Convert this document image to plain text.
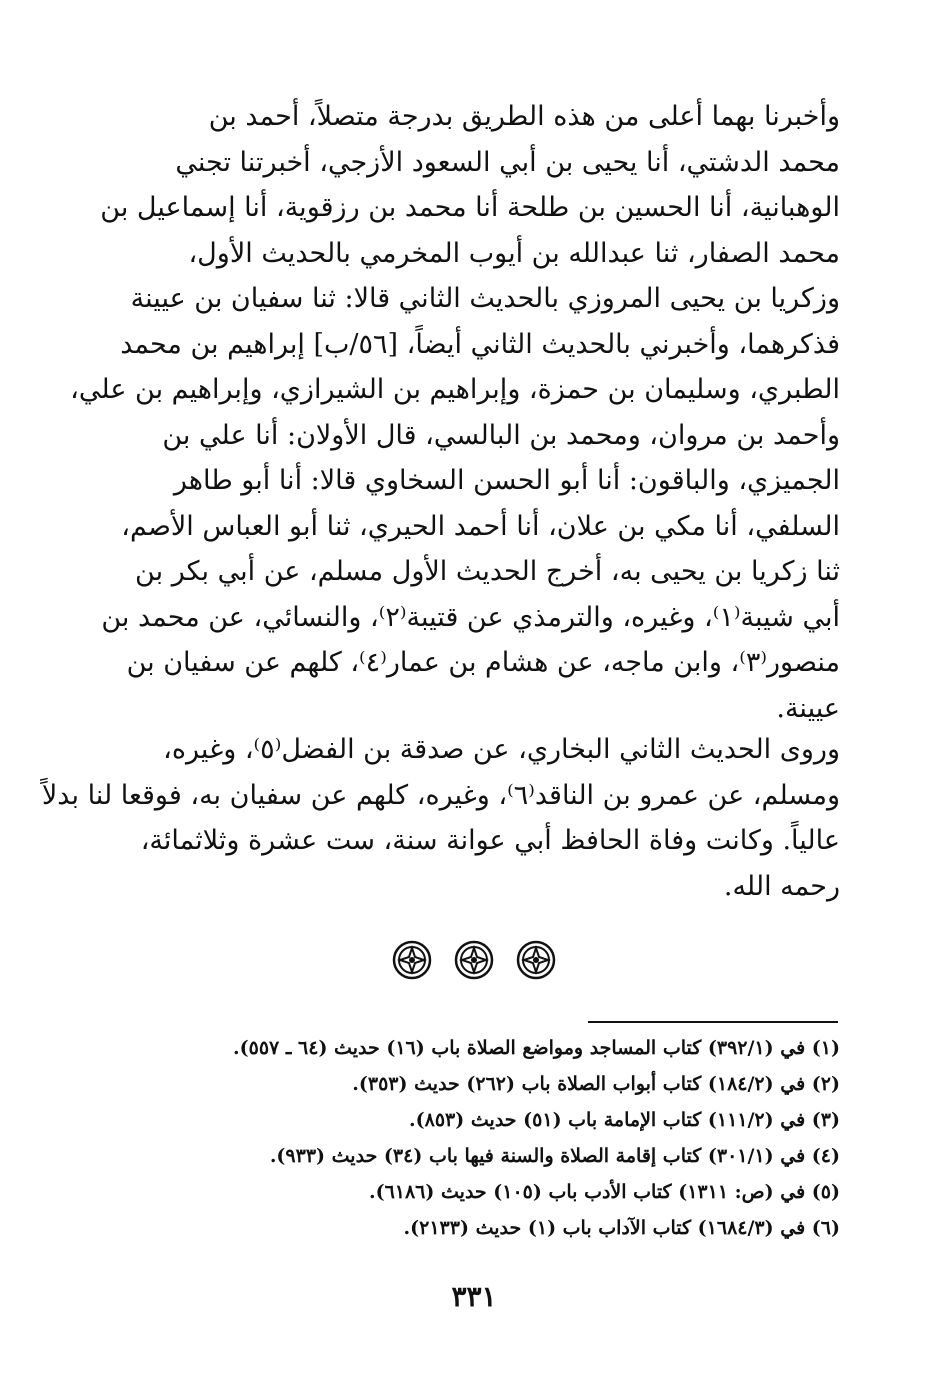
وأخبرنا بهما أعلى من هذه الطريق بدرجة متصلاً، أحمد بن
محمد الدشتي، أنا يحيى بن أبي السعود الأزجي، أخبرتنا تجني
الوهبانية، أنا الحسين بن طلحة أنا محمد بن رزقوية، أنا إسماعيل بن
محمد الصفار، ثنا عبدالله بن أيوب المخرمي بالحديث الأول،
وزكريا بن يحيى المروزي بالحديث الثاني قالا: ثنا سفيان بن عيينة
فذكرهما، وأخبرني بالحديث الثاني أيضاً، [٥٦/ب] إبراهيم بن محمد
الطبري، وسليمان بن حمزة، وإبراهيم بن الشيرازي، وإبراهيم بن علي،
وأحمد بن مروان، ومحمد بن البالسي، قال الأولان: أنا علي بن
الجميزي، والباقون: أنا أبو الحسن السخاوي قالا: أنا أبو طاهر
السلفي، أنا مكي بن علان، أنا أحمد الحيري، ثنا أبو العباس الأصم،
ثنا زكريا بن يحيى به، أخرج الحديث الأول مسلم، عن أبي بكر بن
أبي شيبة⁽١⁾، وغيره، والترمذي عن قتيبة⁽٢⁾، والنسائي، عن محمد بن
منصور⁽٣⁾، وابن ماجه، عن هشام بن عمار⁽٤⁾، كلهم عن سفيان بن
عيينة.
وروى الحديث الثاني البخاري، عن صدقة بن الفضل⁽٥⁾، وغيره،
ومسلم، عن عمرو بن الناقد⁽٦⁾، وغيره، كلهم عن سفيان به، فوقعا لنا بدلاً
عالياً. وكانت وفاة الحافظ أبي عوانة سنة، ست عشرة وثلاثمائة،
رحمه الله.
(١) في (٣٩٢/١) كتاب المساجد ومواضع الصلاة باب (١٦) حديث (٦٤ ـ ٥٥٧).
(٢) في (١٨٤/٢) كتاب أبواب الصلاة باب (٢٦٢) حديث (٣٥٣).
(٣) في (١١١/٢) كتاب الإمامة باب (٥١) حديث (٨٥٣).
(٤) في (٣٠١/١) كتاب إقامة الصلاة والسنة فيها باب (٣٤) حديث (٩٣٣).
(٥) في (ص: ١٣١١) كتاب الأدب باب (١٠٥) حديث (٦١٨٦).
(٦) في (١٦٨٤/٣) كتاب الآداب باب (١) حديث (٢١٣٣).
٣٣١
